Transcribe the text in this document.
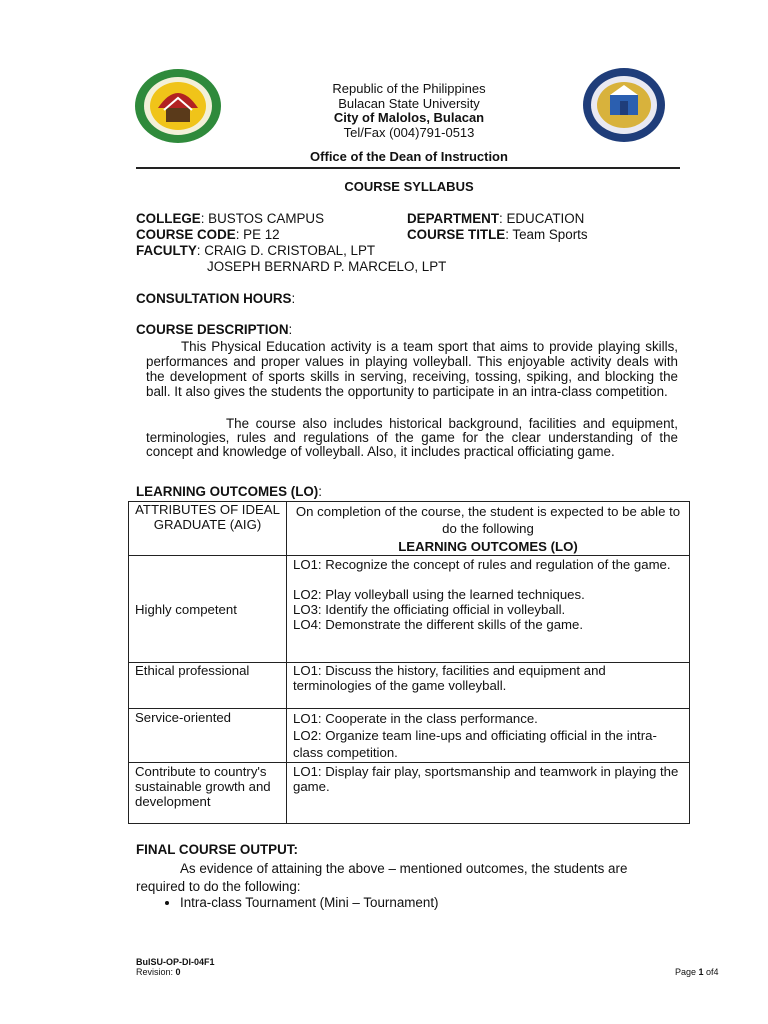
Republic of the Philippines
Bulacan State University
City of Malolos, Bulacan
Tel/Fax (004)791-0513
Office of the Dean of Instruction
COURSE SYLLABUS
COLLEGE: BUSTOS CAMPUS	DEPARTMENT: EDUCATION
COURSE CODE: PE 12	COURSE TITLE: Team Sports
FACULTY: CRAIG D. CRISTOBAL, LPT
JOSEPH BERNARD P. MARCELO, LPT
CONSULTATION HOURS:
COURSE DESCRIPTION:
This Physical Education activity is a team sport that aims to provide playing skills, performances and proper values in playing volleyball. This enjoyable activity deals with the development of sports skills in serving, receiving, tossing, spiking, and blocking the ball. It also gives the students the opportunity to participate in an intra-class competition.
The course also includes historical background, facilities and equipment, terminologies, rules and regulations of the game for the clear understanding of the concept and knowledge of volleyball. Also, it includes practical officiating game.
LEARNING OUTCOMES (LO):
ATTRIBUTES OF IDEAL GRADUATE (AIG)	On completion of the course, the student is expected to be able to do the following
	LEARNING OUTCOMES (LO)
Highly competent	LO1: Recognize the concept of rules and regulation of the game.
LO2: Play volleyball using the learned techniques.
LO3: Identify the officiating official in volleyball.
LO4: Demonstrate the different skills of the game.

Ethical professional	LO1: Discuss the history, facilities and equipment and terminologies of the game volleyball.
Service-oriented	LO1: Cooperate in the class performance.
LO2: Organize team line-ups and officiating official in the intra-class competition.

Contribute to country's sustainable growth and development	LO1: Display fair play, sportsmanship and teamwork in playing the game.
FINAL COURSE OUTPUT:
As evidence of attaining the above – mentioned outcomes, the students are required to do the following:
• Intra-class Tournament (Mini – Tournament)
BulSU-OP-DI-04F1
Revision: 0	Page 1 of4
